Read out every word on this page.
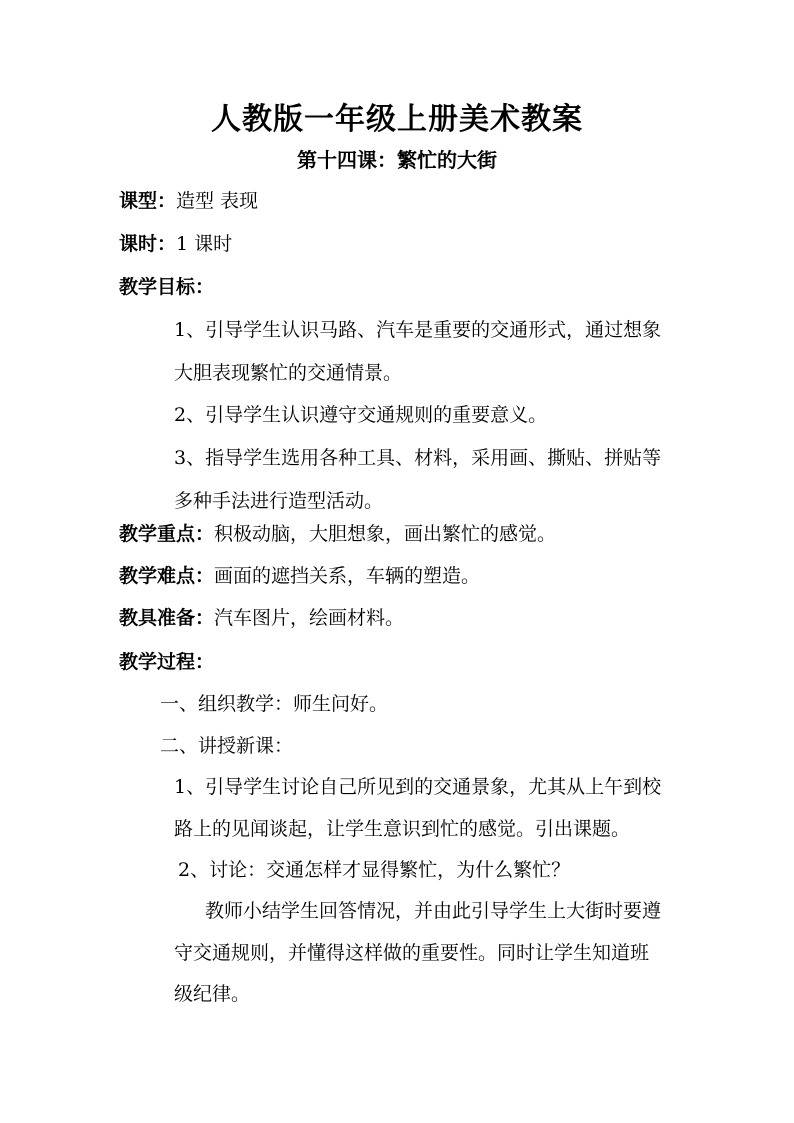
人教版一年级上册美术教案
第十四课：繁忙的大街
课型：造型 表现
课时：1 课时
教学目标：
1、引导学生认识马路、汽车是重要的交通形式，通过想象
大胆表现繁忙的交通情景。
2、引导学生认识遵守交通规则的重要意义。
3、指导学生选用各种工具、材料，采用画、撕贴、拼贴等
多种手法进行造型活动。
教学重点：积极动脑，大胆想象，画出繁忙的感觉。
教学难点：画面的遮挡关系，车辆的塑造。
教具准备：汽车图片，绘画材料。
教学过程：
一、组织教学：师生问好。
二、讲授新课：
1、引导学生讨论自己所见到的交通景象，尤其从上午到校
路上的见闻谈起，让学生意识到忙的感觉。引出课题。
2、讨论：交通怎样才显得繁忙，为什么繁忙？
教师小结学生回答情况，并由此引导学生上大街时要遵
守交通规则，并懂得这样做的重要性。同时让学生知道班
级纪律。
